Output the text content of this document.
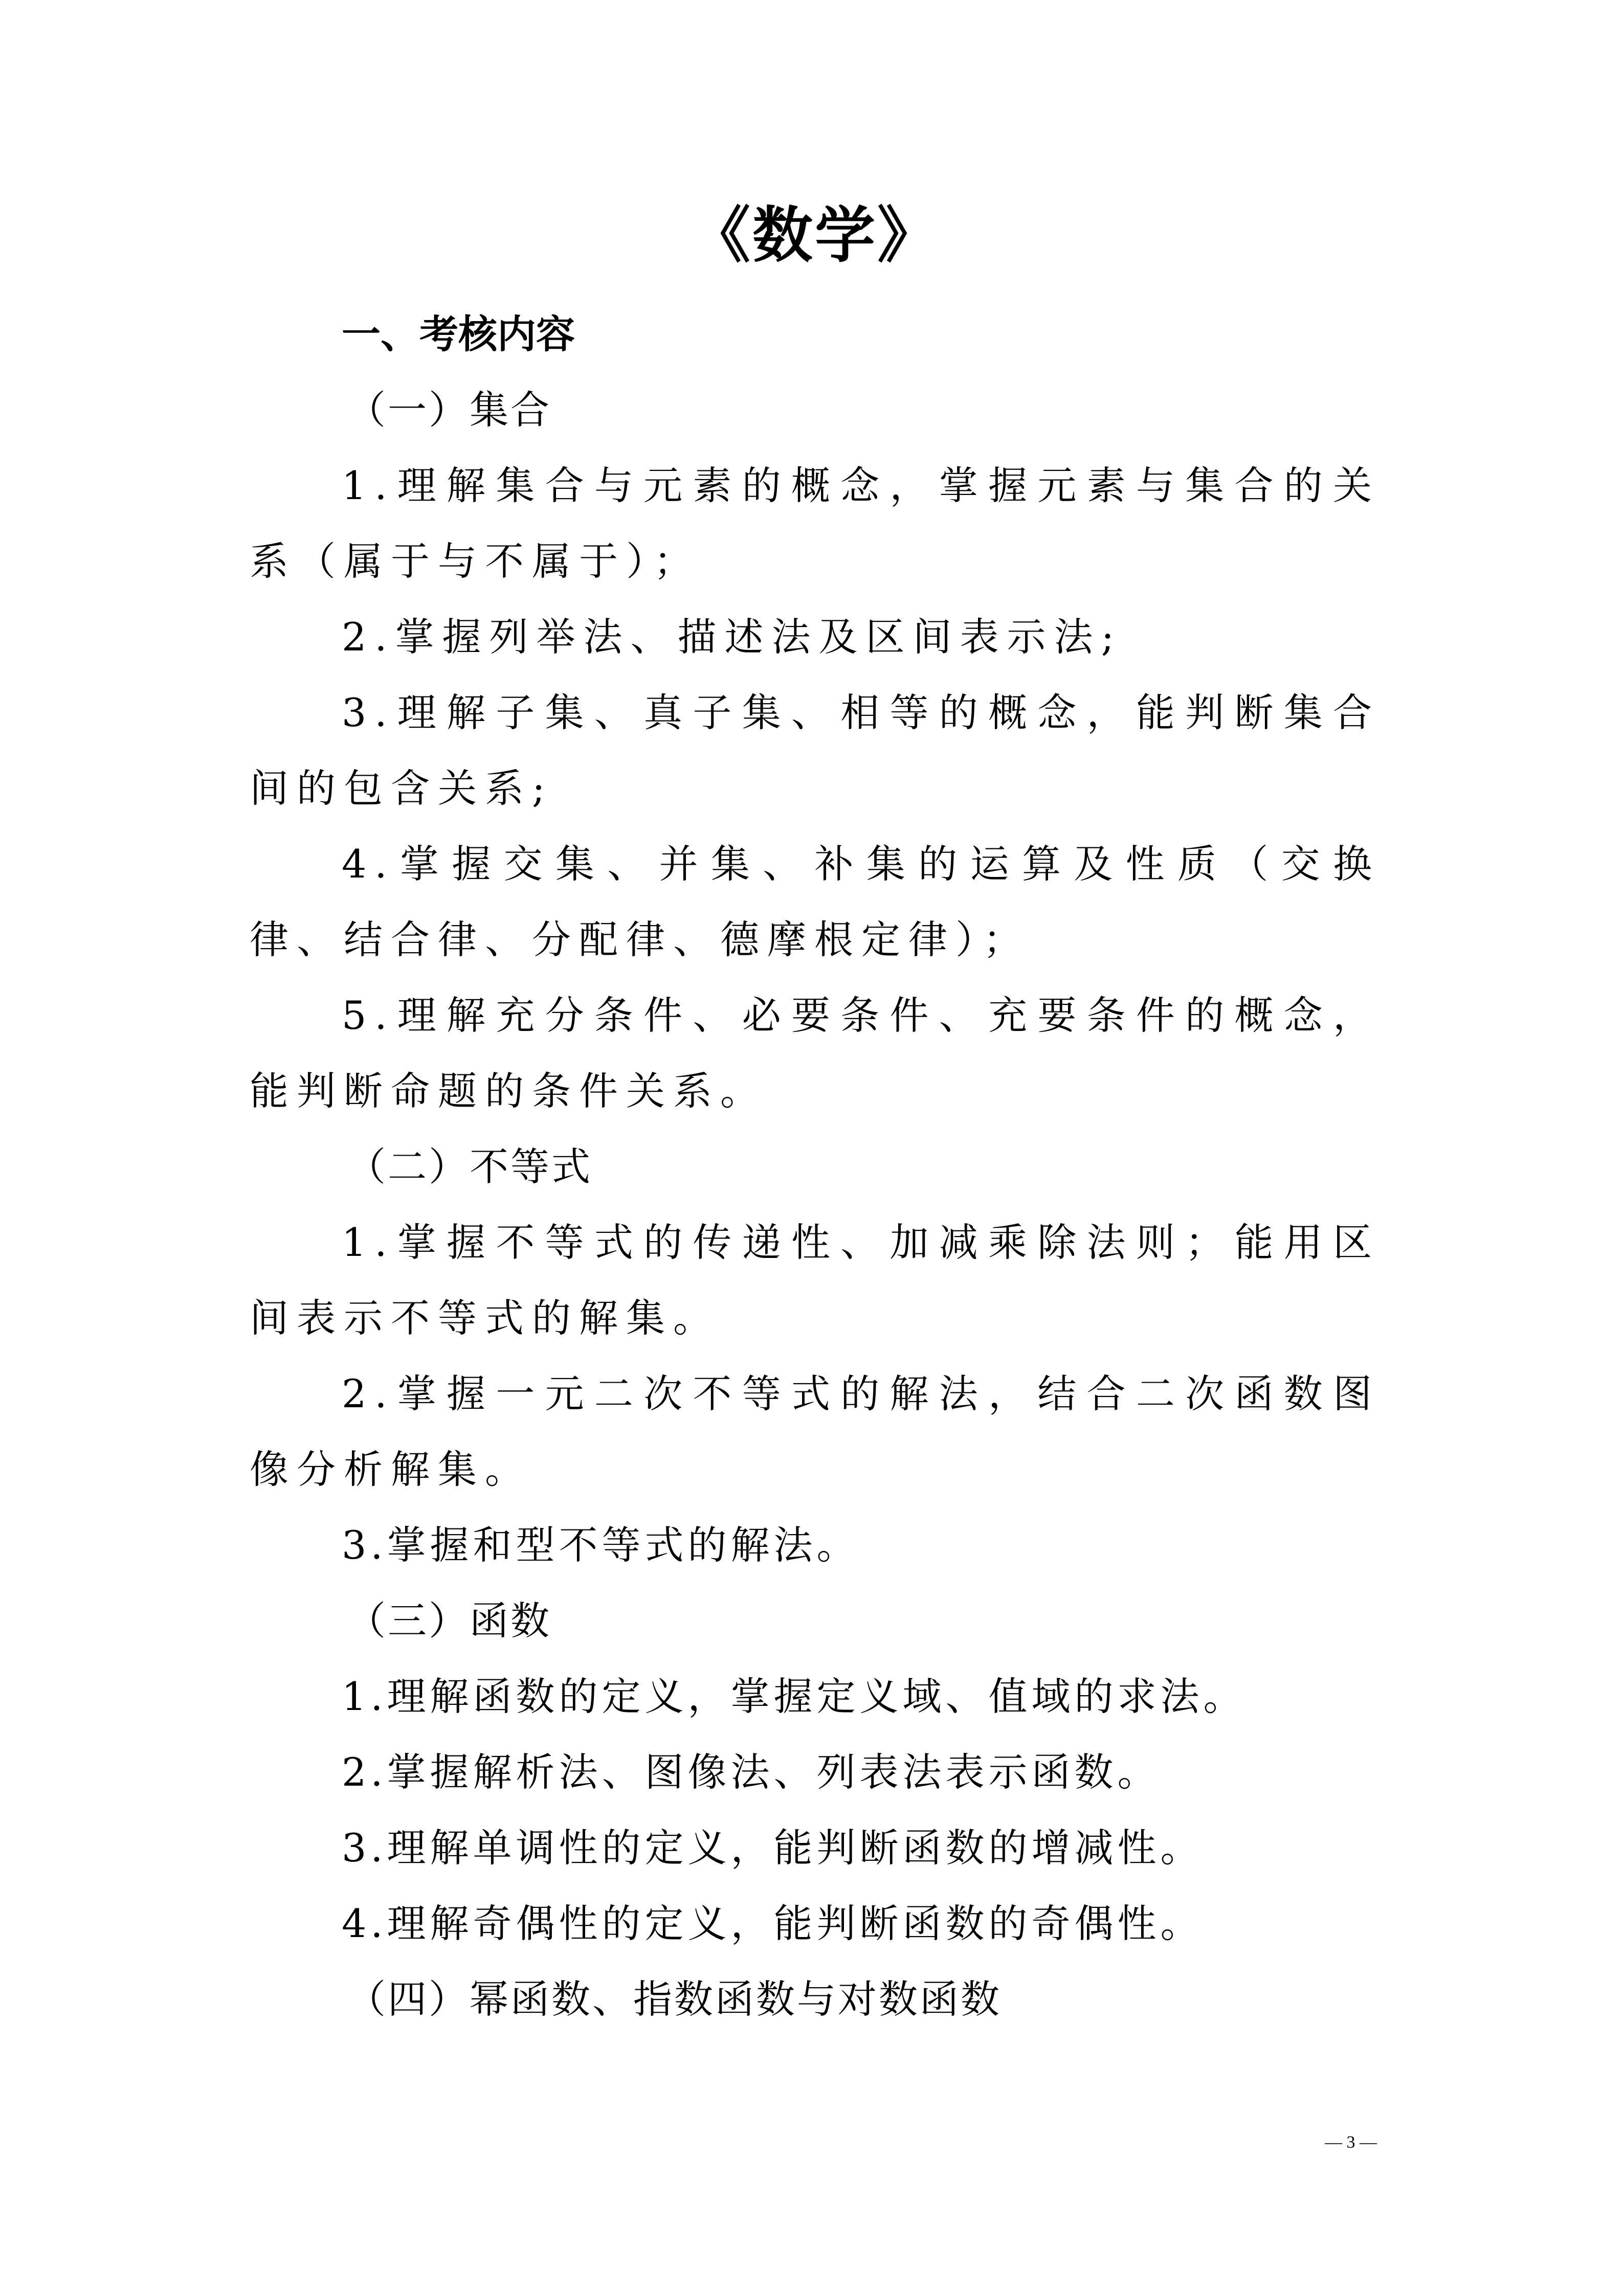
《数学》

一、考核内容

（一）集合

1.理解集合与元素的概念，掌握元素与集合的关系（属于与不属于）；

2.掌握列举法、描述法及区间表示法;

3.理解子集、真子集、相等的概念，能判断集合间的包含关系;

4.掌握交集、并集、补集的运算及性质（交换律、结合律、分配律、德摩根定律）；

5.理解充分条件、必要条件、充要条件的概念，能判断命题的条件关系。

（二）不等式

1.掌握不等式的传递性、加减乘除法则；能用区间表示不等式的解集。

2.掌握一元二次不等式的解法，结合二次函数图像分析解集。

3.掌握和型不等式的解法。

（三）函数

1.理解函数的定义，掌握定义域、值域的求法。

2.掌握解析法、图像法、列表法表示函数。

3.理解单调性的定义，能判断函数的增减性。

4.理解奇偶性的定义，能判断函数的奇偶性。

（四）幂函数、指数函数与对数函数

— 3 —
